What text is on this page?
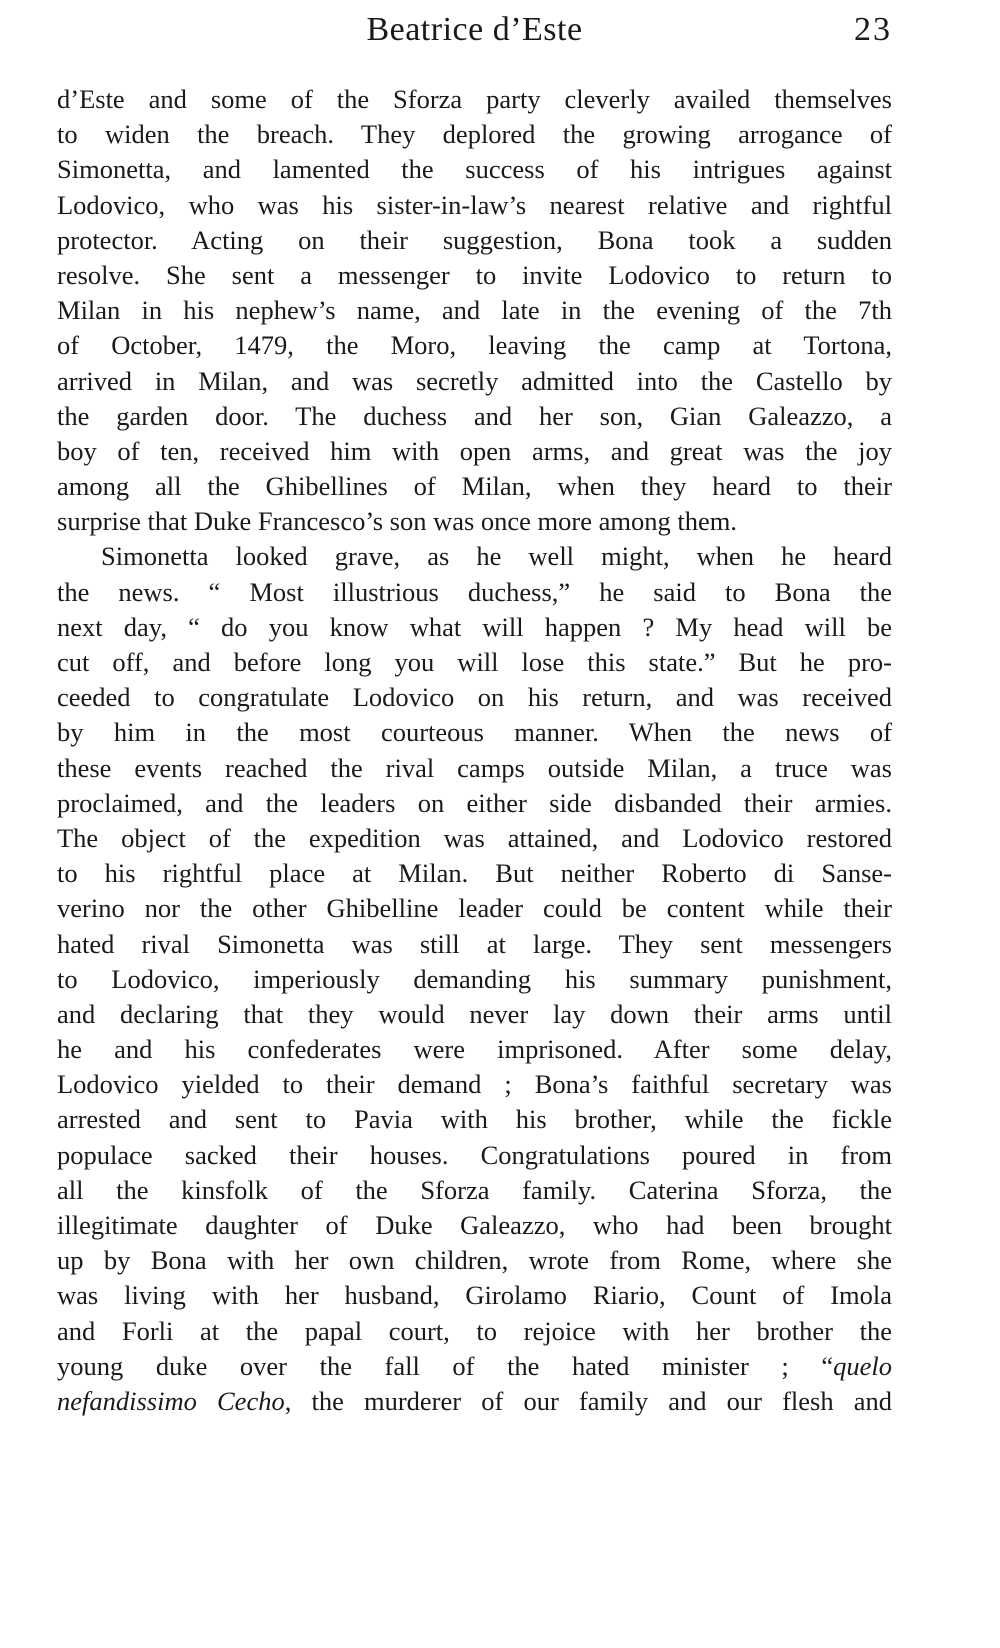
Beatrice d’Este	23
d’Este and some of the Sforza party cleverly availed themselves
to widen the breach. They deplored the growing arrogance of
Simonetta, and lamented the success of his intrigues against
Lodovico, who was his sister-in-law’s nearest relative and rightful
protector. Acting on their suggestion, Bona took a sudden
resolve. She sent a messenger to invite Lodovico to return to
Milan in his nephew’s name, and late in the evening of the 7th
of October, 1479, the Moro, leaving the camp at Tortona,
arrived in Milan, and was secretly admitted into the Castello by
the garden door. The duchess and her son, Gian Galeazzo, a
boy of ten, received him with open arms, and great was the joy
among all the Ghibellines of Milan, when they heard to their
surprise that Duke Francesco’s son was once more among them.
Simonetta looked grave, as he well might, when he heard
the news. “ Most illustrious duchess,” he said to Bona the
next day, “ do you know what will happen ? My head will be
cut off, and before long you will lose this state.” But he pro-
ceeded to congratulate Lodovico on his return, and was received
by him in the most courteous manner. When the news of
these events reached the rival camps outside Milan, a truce was
proclaimed, and the leaders on either side disbanded their armies.
The object of the expedition was attained, and Lodovico restored
to his rightful place at Milan. But neither Roberto di Sanse-
verino nor the other Ghibelline leader could be content while their
hated rival Simonetta was still at large. They sent messengers
to Lodovico, imperiously demanding his summary punishment,
and declaring that they would never lay down their arms until
he and his confederates were imprisoned. After some delay,
Lodovico yielded to their demand ; Bona’s faithful secretary was
arrested and sent to Pavia with his brother, while the fickle
populace sacked their houses. Congratulations poured in from
all the kinsfolk of the Sforza family. Caterina Sforza, the
illegitimate daughter of Duke Galeazzo, who had been brought
up by Bona with her own children, wrote from Rome, where she
was living with her husband, Girolamo Riario, Count of Imola
and Forli at the papal court, to rejoice with her brother the
young duke over the fall of the hated minister ; “quelo
nefandissimo Cecho, the murderer of our family and our flesh and
